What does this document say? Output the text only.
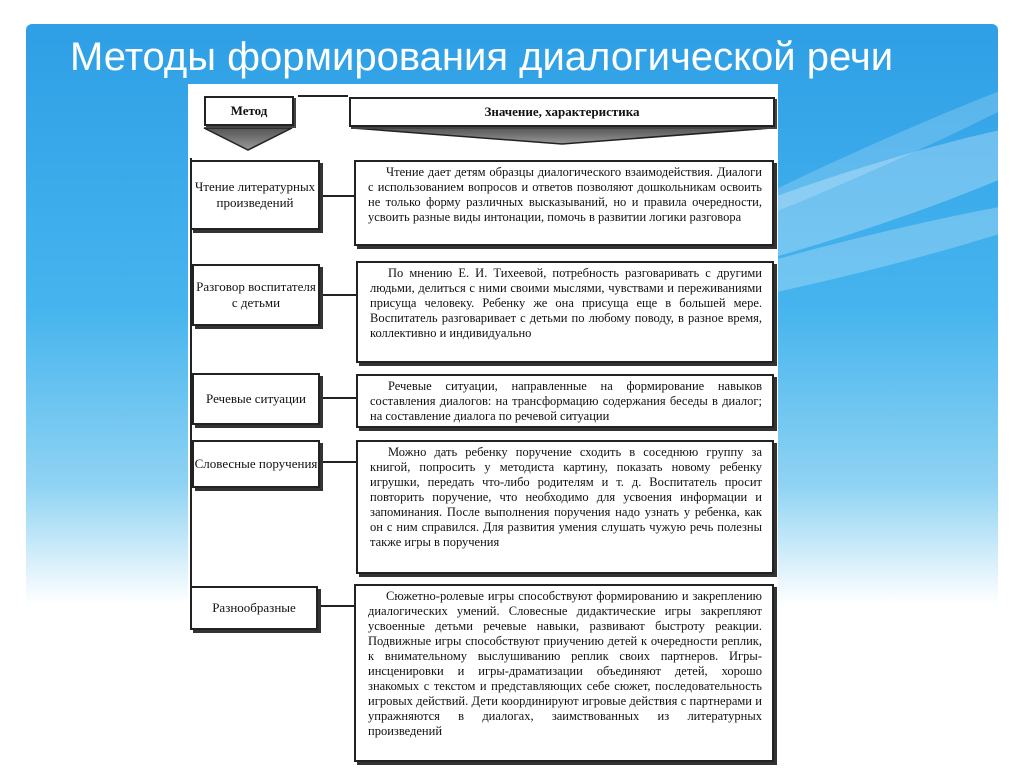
Методы формирования диалогической речи
Метод	Значение, характеристика
Чтение литературных произведений
Чтение дает детям образцы диалогического взаимодействия. Диалоги с использованием вопросов и ответов позволяют дошкольникам освоить не только форму различных высказываний, но и правила очередности, усвоить разные виды интонации, помочь в развитии логики разговора
Разговор воспитателя с детьми
По мнению Е. И. Тихеевой, потребность разговаривать с другими людьми, делиться с ними своими мыслями, чувствами и переживаниями присуща человеку. Ребенку же она присуща еще в большей мере. Воспитатель разговаривает с детьми по любому поводу, в разное время, коллективно и индивидуально
Речевые ситуации
Речевые ситуации, направленные на формирование навыков составления диалогов: на трансформацию содержания беседы в диалог; на составление диалога по речевой ситуации
Словесные поручения
Можно дать ребенку поручение сходить в соседнюю группу за книгой, попросить у методиста картину, показать новому ребенку игрушки, передать что-либо родителям и т. д. Воспитатель просит повторить поручение, что необходимо для усвоения информации и запоминания. После выполнения поручения надо узнать у ребенка, как он с ним справился. Для развития умения слушать чужую речь полезны также игры в поручения
Разнообразные
Сюжетно-ролевые игры способствуют формированию и закреплению диалогических умений. Словесные дидактические игры закрепляют усвоенные детьми речевые навыки, развивают быстроту реакции. Подвижные игры способствуют приучению детей к очередности реплик, к внимательному выслушиванию реплик своих партнеров. Игры-инсценировки и игры-драматизации объединяют детей, хорошо знакомых с текстом и представляющих себе сюжет, последовательность игровых действий. Дети координируют игровые действия с партнерами и упражняются в диалогах, заимствованных из литературных произведений
